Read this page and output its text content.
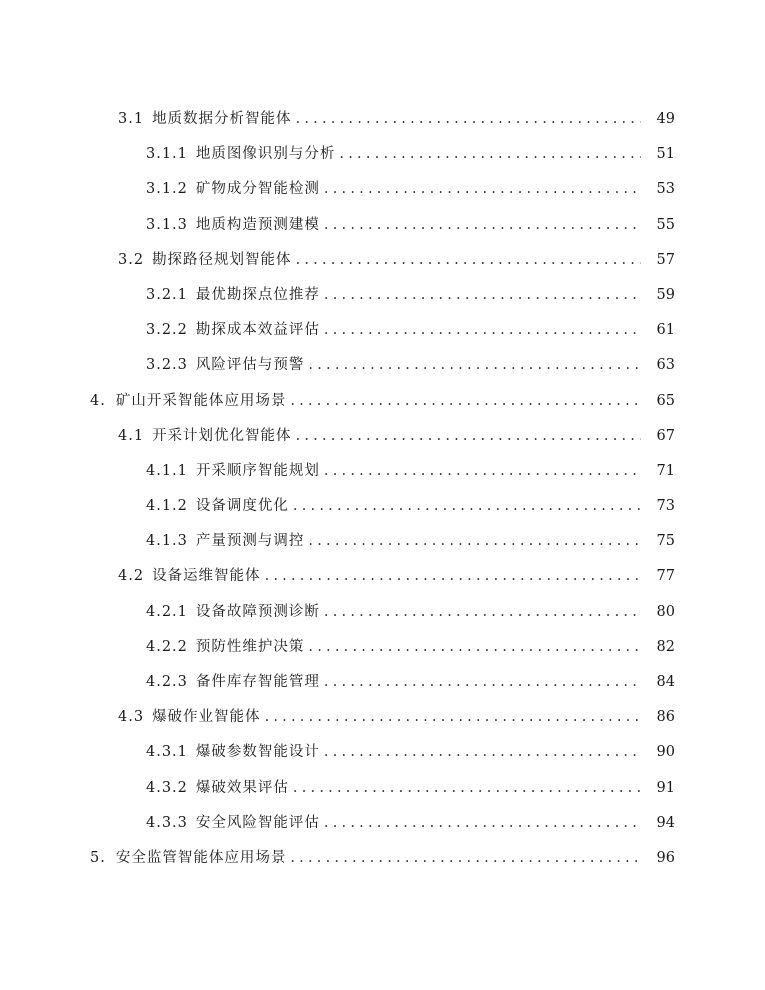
3.1 地质数据分析智能体 .....	49
3.1.1 地质图像识别与分析 .....	51
3.1.2 矿物成分智能检测 .....	53
3.1.3 地质构造预测建模 .....	55
3.2 勘探路径规划智能体 .....	57
3.2.1 最优勘探点位推荐 .....	59
3.2.2 勘探成本效益评估 .....	61
3.2.3 风险评估与预警 .....	63
4. 矿山开采智能体应用场景 .....	65
4.1 开采计划优化智能体 .....	67
4.1.1 开采顺序智能规划 .....	71
4.1.2 设备调度优化 .....	73
4.1.3 产量预测与调控 .....	75
4.2 设备运维智能体 .....	77
4.2.1 设备故障预测诊断 .....	80
4.2.2 预防性维护决策 .....	82
4.2.3 备件库存智能管理 .....	84
4.3 爆破作业智能体 .....	86
4.3.1 爆破参数智能设计 .....	90
4.3.2 爆破效果评估 .....	91
4.3.3 安全风险智能评估 .....	94
5. 安全监管智能体应用场景 .....	96
